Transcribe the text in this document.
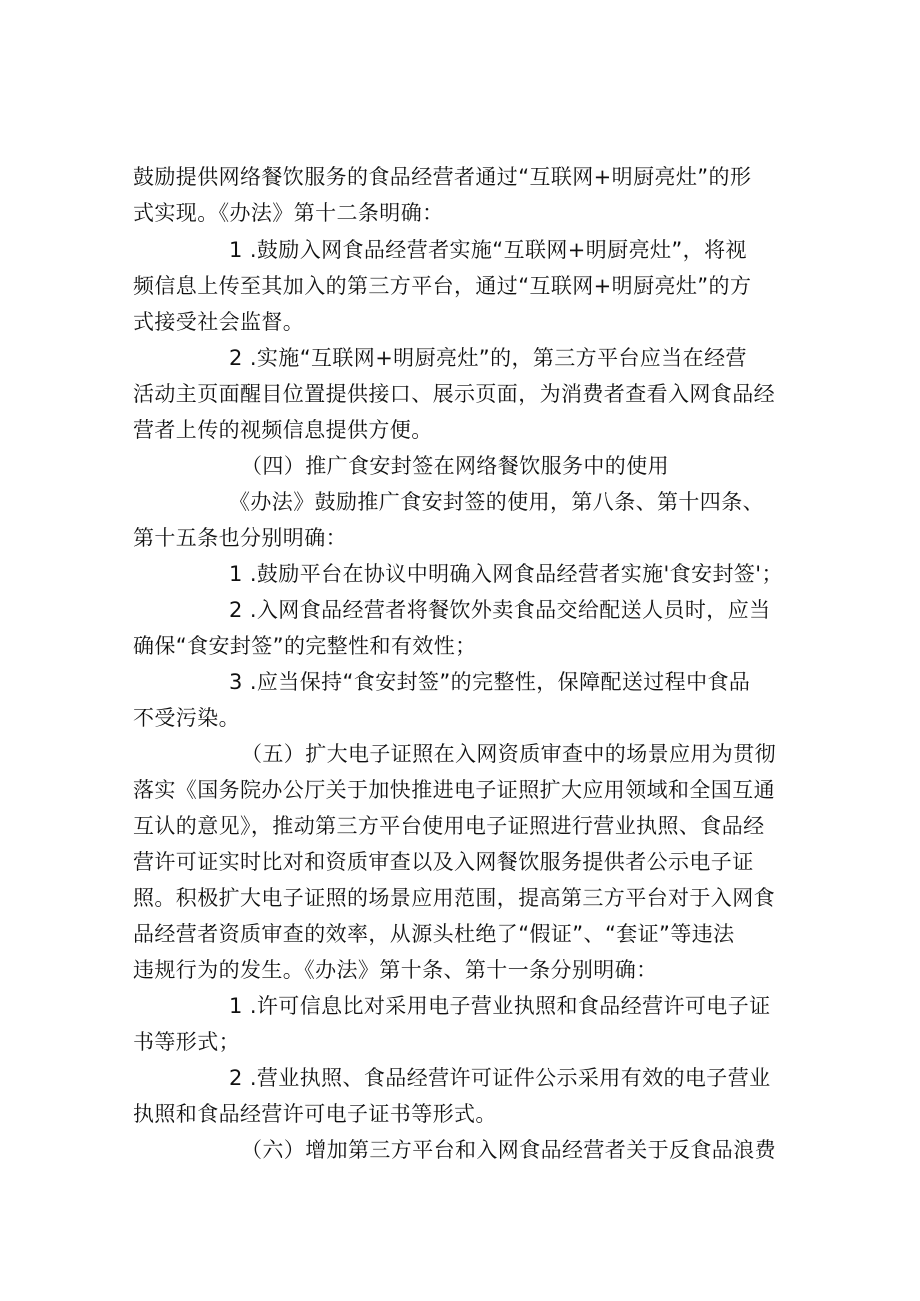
鼓励提供网络餐饮服务的食品经营者通过“互联网+明厨亮灶”的形
式实现。《办法》第十二条明确：
1 .鼓励入网食品经营者实施“互联网+明厨亮灶”，将视
频信息上传至其加入的第三方平台，通过“互联网+明厨亮灶”的方
式接受社会监督。
2 .实施“互联网+明厨亮灶”的，第三方平台应当在经营
活动主页面醒目位置提供接口、展示页面，为消费者查看入网食品经
营者上传的视频信息提供方便。
（四）推广食安封签在网络餐饮服务中的使用
《办法》鼓励推广食安封签的使用，第八条、第十四条、
第十五条也分别明确：
1 .鼓励平台在协议中明确入网食品经营者实施'食安封签'；
2 .入网食品经营者将餐饮外卖食品交给配送人员时，应当
确保“食安封签”的完整性和有效性；
3 .应当保持“食安封签”的完整性，保障配送过程中食品
不受污染。
（五）扩大电子证照在入网资质审查中的场景应用为贯彻
落实《国务院办公厅关于加快推进电子证照扩大应用领域和全国互通
互认的意见》，推动第三方平台使用电子证照进行营业执照、食品经
营许可证实时比对和资质审查以及入网餐饮服务提供者公示电子证
照。积极扩大电子证照的场景应用范围，提高第三方平台对于入网食
品经营者资质审查的效率，从源头杜绝了“假证”、“套证”等违法
违规行为的发生。《办法》第十条、第十一条分别明确：
1 .许可信息比对采用电子营业执照和食品经营许可电子证
书等形式；
2 .营业执照、食品经营许可证件公示采用有效的电子营业
执照和食品经营许可电子证书等形式。
（六）增加第三方平台和入网食品经营者关于反食品浪费
